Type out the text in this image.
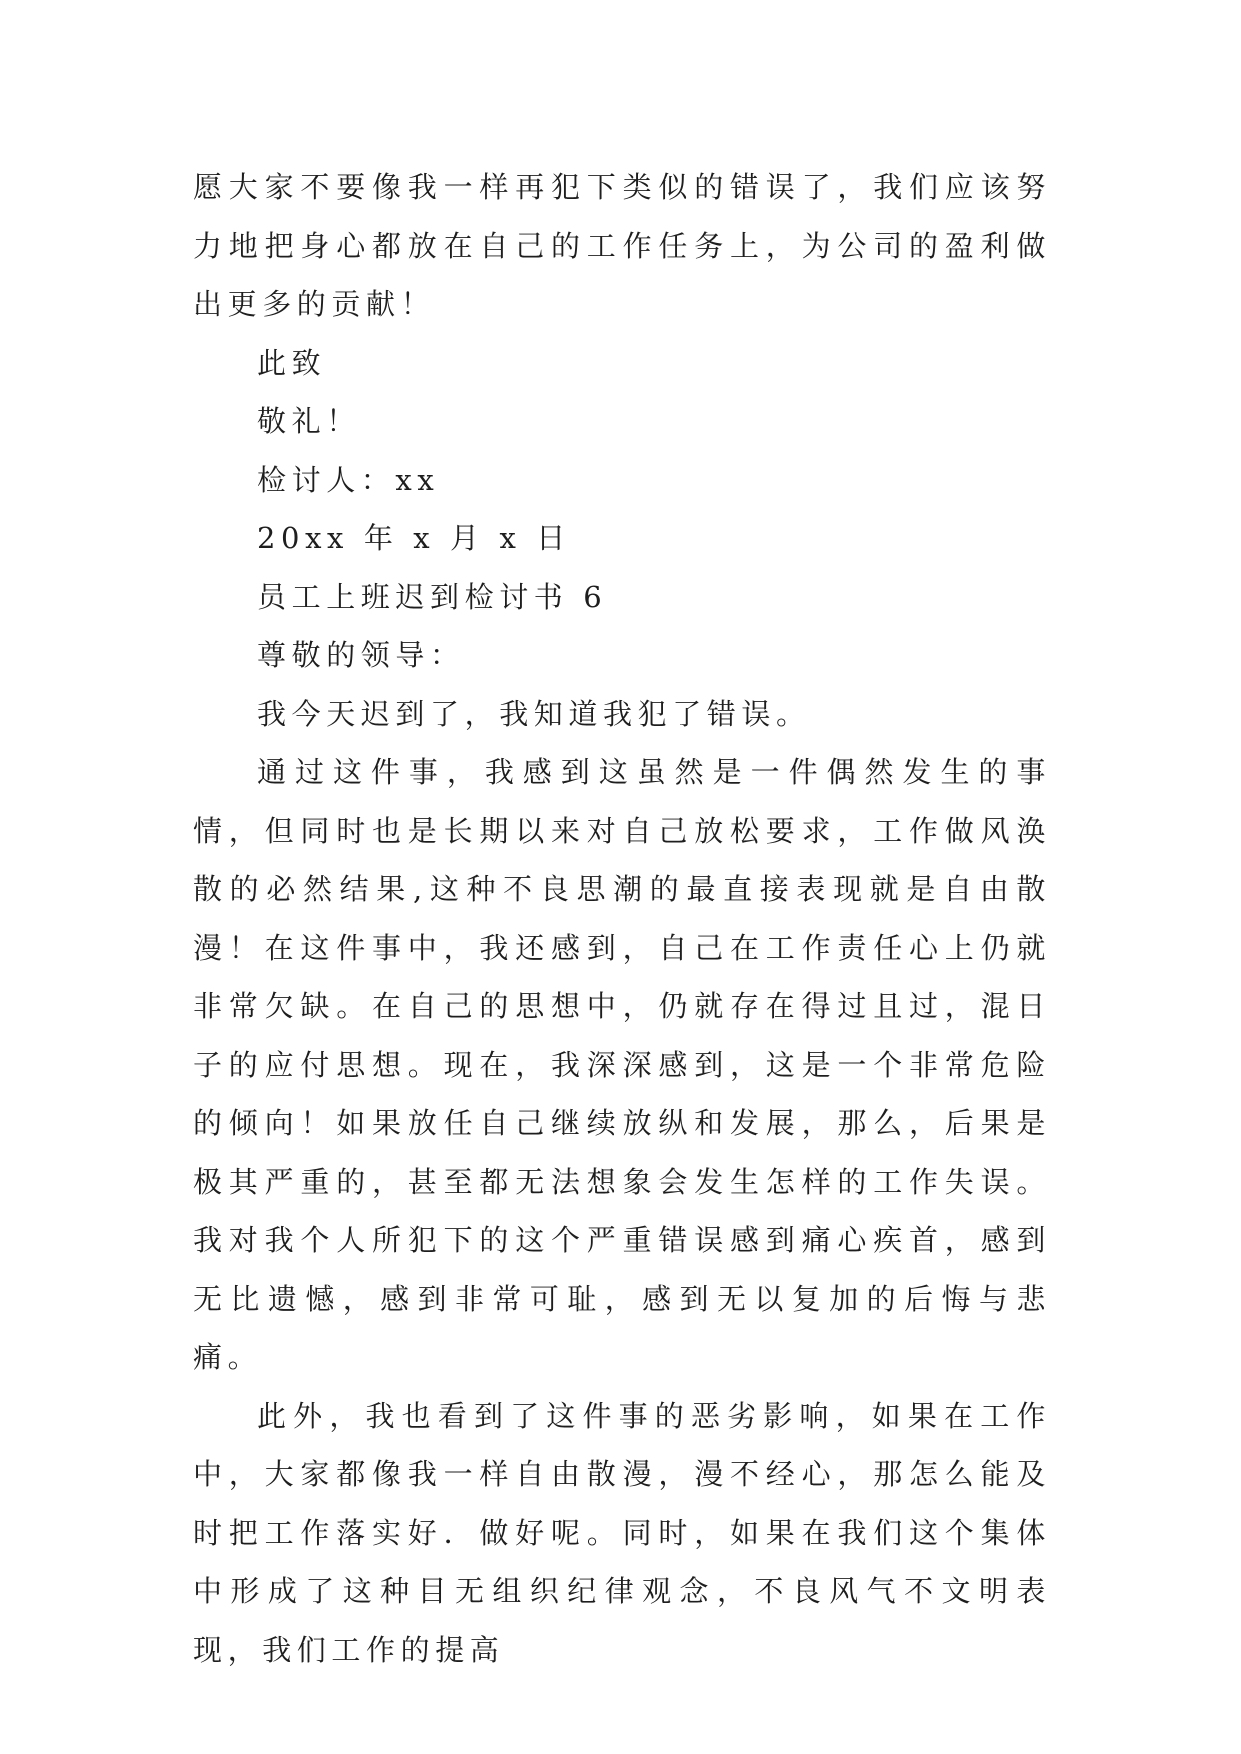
愿大家不要像我一样再犯下类似的错误了，我们应该努力地把身心都放在自己的工作任务上，为公司的盈利做出更多的贡献！

此致

敬礼！

检讨人：xx

20xx 年 x 月 x 日

员工上班迟到检讨书 6

尊敬的领导：

我今天迟到了，我知道我犯了错误。

通过这件事，我感到这虽然是一件偶然发生的事情，但同时也是长期以来对自己放松要求，工作做风涣散的必然结果,这种不良思潮的最直接表现就是自由散漫！在这件事中，我还感到，自己在工作责任心上仍就非常欠缺。在自己的思想中，仍就存在得过且过，混日子的应付思想。现在，我深深感到，这是一个非常危险的倾向！如果放任自己继续放纵和发展，那么，后果是极其严重的，甚至都无法想象会发生怎样的工作失误。我对我个人所犯下的这个严重错误感到痛心疾首，感到无比遗憾，感到非常可耻，感到无以复加的后悔与悲痛。

此外，我也看到了这件事的恶劣影响，如果在工作中，大家都像我一样自由散漫，漫不经心，那怎么能及时把工作落实好．做好呢。同时，如果在我们这个集体中形成了这种目无组织纪律观念，不良风气不文明表现，我们工作的提高
